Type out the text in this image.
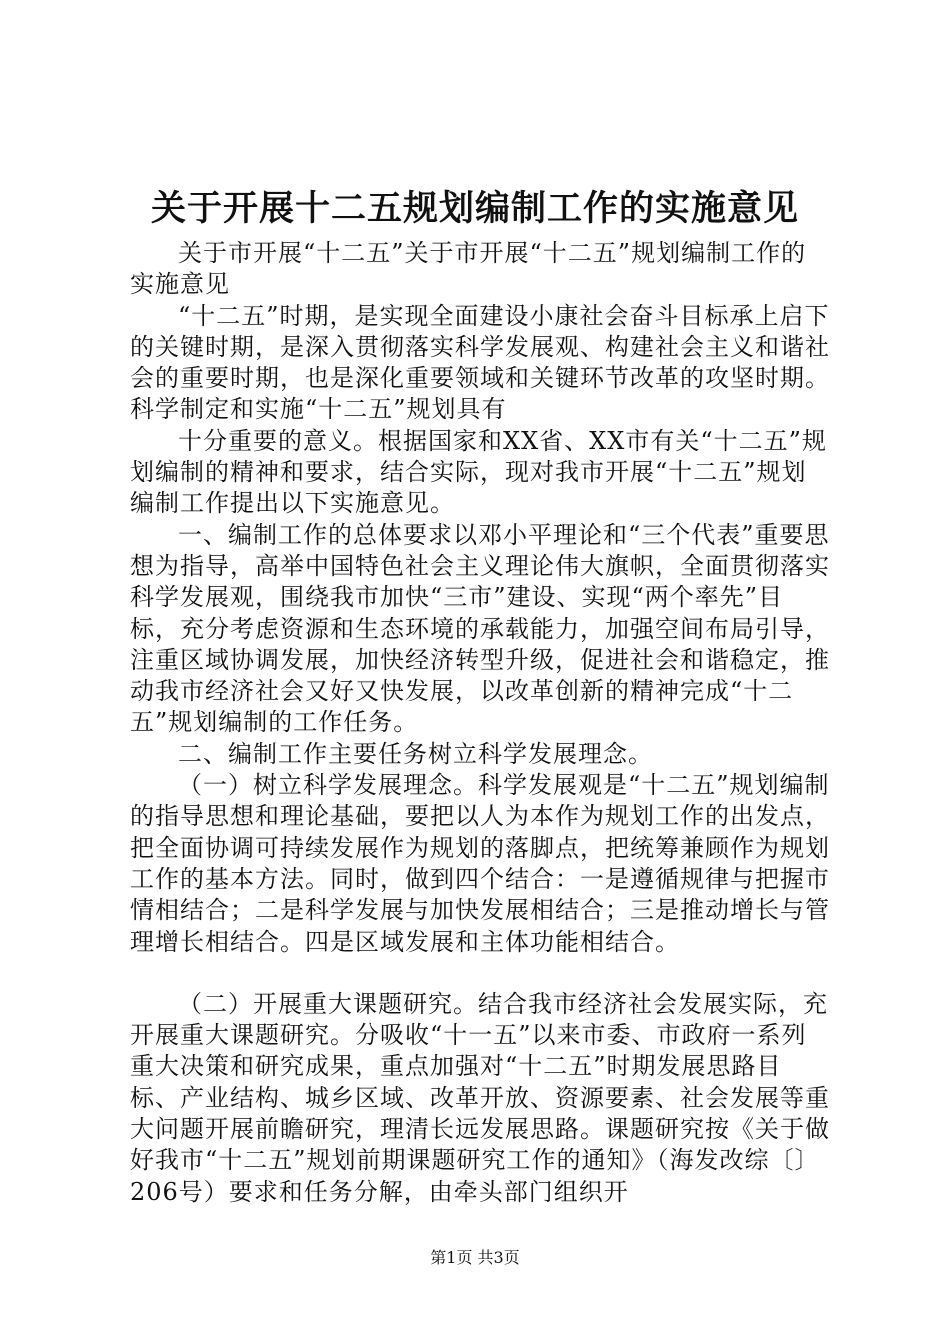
关于开展十二五规划编制工作的实施意见

关于市开展“十二五”关于市开展“十二五”规划编制工作的实施意见

“十二五”时期，是实现全面建设小康社会奋斗目标承上启下的关键时期，是深入贯彻落实科学发展观、构建社会主义和谐社会的重要时期，也是深化重要领域和关键环节改革的攻坚时期。科学制定和实施“十二五”规划具有

十分重要的意义。根据国家和XX省、XX市有关“十二五”规划编制的精神和要求，结合实际，现对我市开展“十二五”规划编制工作提出以下实施意见。

一、编制工作的总体要求以邓小平理论和“三个代表”重要思想为指导，高举中国特色社会主义理论伟大旗帜，全面贯彻落实科学发展观，围绕我市加快“三市”建设、实现“两个率先”目标，充分考虑资源和生态环境的承载能力，加强空间布局引导，注重区域协调发展，加快经济转型升级，促进社会和谐稳定，推动我市经济社会又好又快发展，以改革创新的精神完成“十二五”规划编制的工作任务。

二、编制工作主要任务树立科学发展理念。

（一）树立科学发展理念。科学发展观是“十二五”规划编制的指导思想和理论基础，要把以人为本作为规划工作的出发点，把全面协调可持续发展作为规划的落脚点，把统筹兼顾作为规划工作的基本方法。同时，做到四个结合：一是遵循规律与把握市情相结合；二是科学发展与加快发展相结合；三是推动增长与管理增长相结合。四是区域发展和主体功能相结合。

（二）开展重大课题研究。结合我市经济社会发展实际，充开展重大课题研究。分吸收“十一五”以来市委、市政府一系列重大决策和研究成果，重点加强对“十二五”时期发展思路目标、产业结构、城乡区域、改革开放、资源要素、社会发展等重大问题开展前瞻研究，理清长远发展思路。课题研究按《关于做好我市“十二五”规划前期课题研究工作的通知》（海发改综〔〕206号）要求和任务分解，由牵头部门组织开

第1页 共3页
